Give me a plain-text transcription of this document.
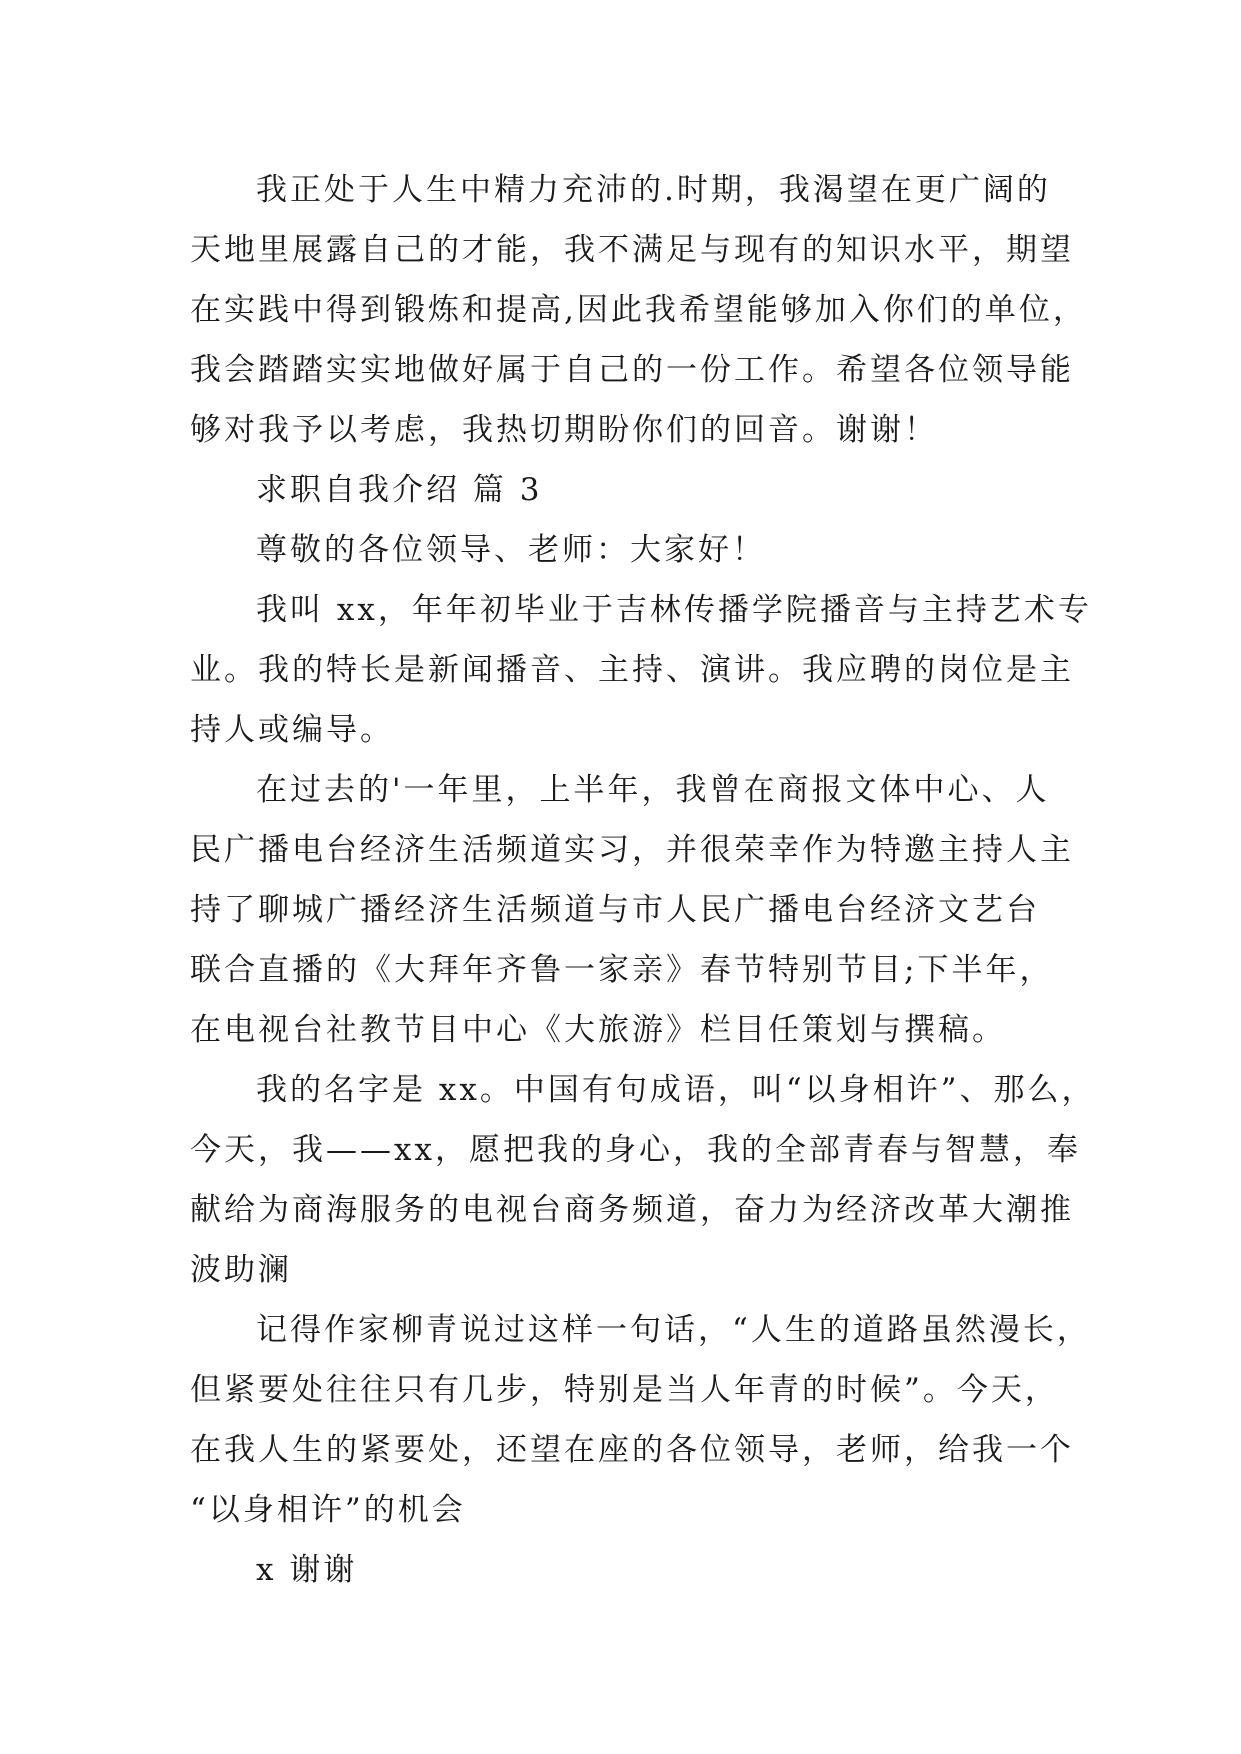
我正处于人生中精力充沛的.时期，我渴望在更广阔的
天地里展露自己的才能，我不满足与现有的知识水平，期望
在实践中得到锻炼和提高,因此我希望能够加入你们的单位，
我会踏踏实实地做好属于自己的一份工作。希望各位领导能
够对我予以考虑，我热切期盼你们的回音。谢谢！
求职自我介绍 篇 3
尊敬的各位领导、老师：大家好！
我叫 xx，年年初毕业于吉林传播学院播音与主持艺术专
业。我的特长是新闻播音、主持、演讲。我应聘的岗位是主
持人或编导。
在过去的'一年里，上半年，我曾在商报文体中心、人
民广播电台经济生活频道实习，并很荣幸作为特邀主持人主
持了聊城广播经济生活频道与市人民广播电台经济文艺台
联合直播的《大拜年齐鲁一家亲》春节特别节目;下半年，
在电视台社教节目中心《大旅游》栏目任策划与撰稿。
我的名字是 xx。中国有句成语，叫“以身相许”、那么，
今天，我——xx，愿把我的身心，我的全部青春与智慧，奉
献给为商海服务的电视台商务频道，奋力为经济改革大潮推
波助澜
记得作家柳青说过这样一句话，“人生的道路虽然漫长，
但紧要处往往只有几步，特别是当人年青的时候”。今天，
在我人生的紧要处，还望在座的各位领导，老师，给我一个
“以身相许”的机会
x 谢谢
